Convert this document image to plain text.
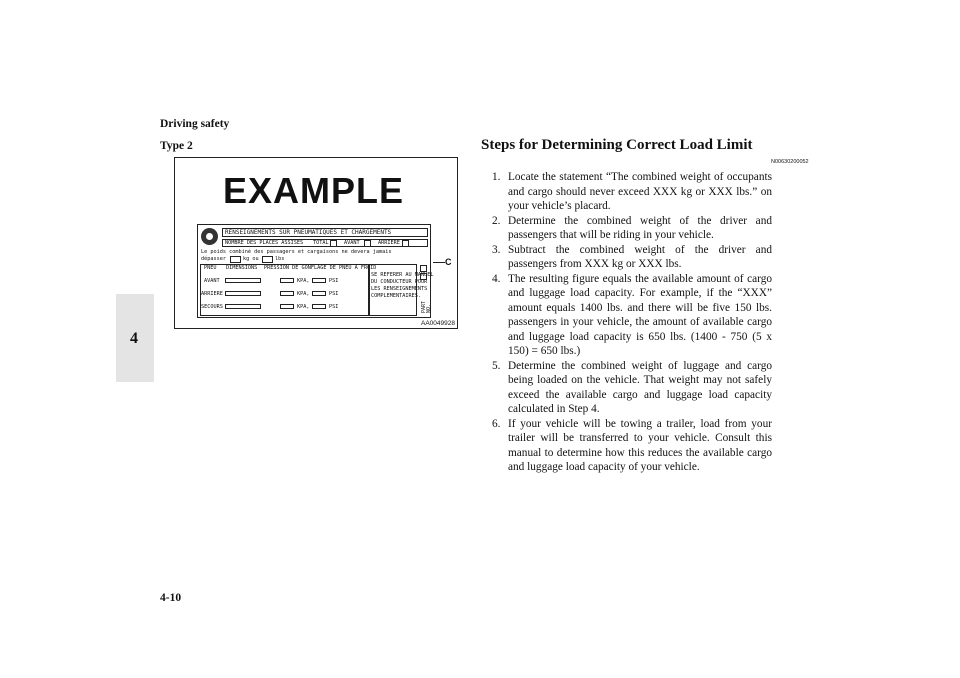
Driving safety
Type 2
4
EXAMPLE
RENSEIGNEMENTS SUR PNEUMATIQUES ET CHARGEMENTS
NOMBRE DES PLACES ASSISES TOTAL	AVANT	ARRIERE
Le poids combiné des passagers et cargaisons ne devera jamais
dépasser	kg ou	lbs
PNEU DIMENSIONS PRESSION DE GONFLAGE DE PNEU À FROID
AVANT	KPA,	PSI
ARRIERE	KPA,	PSI
SECOURS	KPA,	PSI
SE REFERER AU MANUEL
DU CONDUCTEUR POUR
LES RENSEIGNEMENTS
COMPLEMENTAIRES.
PART NO.
C
AA0049928
Steps for Determining Correct Load Limit
N00630200052
1. Locate the statement “The combined weight of occupants and cargo should never exceed XXX kg or XXX lbs.” on your vehicle’s placard.
2. Determine the combined weight of the driver and passengers that will be riding in your vehicle.
3. Subtract the combined weight of the driver and passengers from XXX kg or XXX lbs.
4. The resulting figure equals the available amount of cargo and luggage load capacity. For example, if the “XXX” amount equals 1400 lbs. and there will be five 150 lbs. passengers in your vehicle, the amount of available cargo and luggage load capacity is 650 lbs. (1400 - 750 (5 x 150) = 650 lbs.)
5. Determine the combined weight of luggage and cargo being loaded on the vehicle. That weight may not safely exceed the available cargo and luggage load capacity calculated in Step 4.
6. If your vehicle will be towing a trailer, load from your trailer will be transferred to your vehicle. Consult this manual to determine how this reduces the available cargo and luggage load capacity of your vehicle.
4-10
